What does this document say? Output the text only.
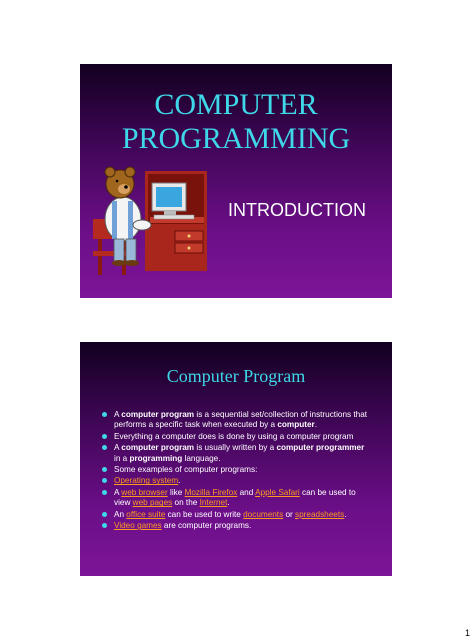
COMPUTER
PROGRAMMING
INTRODUCTION
Computer Program
A computer program is a sequential set/collection of instructions that performs a specific task when executed by a computer.
Everything a computer does is done by using a computer program
A computer program is usually written by a computer programmer in a programming language.
Some examples of computer programs:
Operating system.
A web browser like Mozilla Firefox and Apple Safari can be used to view web pages on the Internet.
An office suite can be used to write documents or spreadsheets.
Video games are computer programs.
1
